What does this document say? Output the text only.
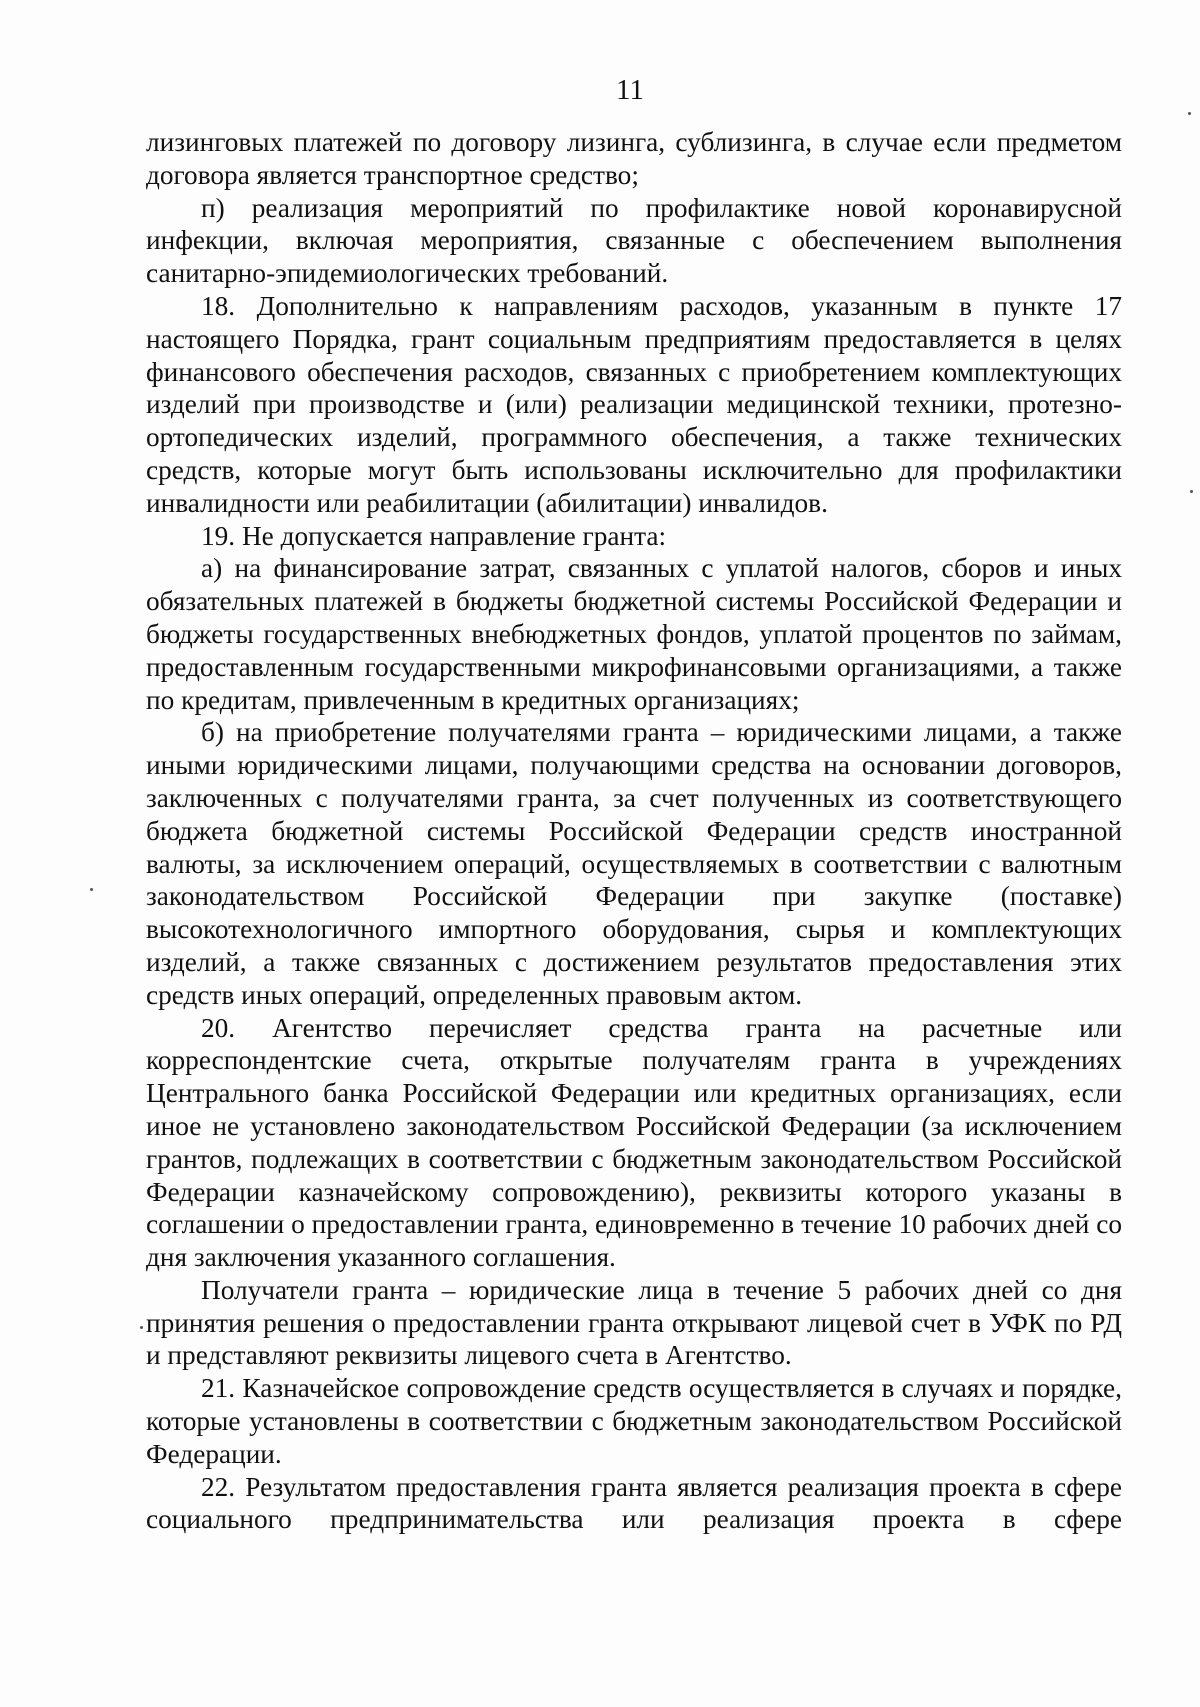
11

лизинговых платежей по договору лизинга, сублизинга, в случае если предметом договора является транспортное средство;

п) реализация мероприятий по профилактике новой коронавирусной инфекции, включая мероприятия, связанные с обеспечением выполнения санитарно-эпидемиологических требований.

18. Дополнительно к направлениям расходов, указанным в пункте 17 настоящего Порядка, грант социальным предприятиям предоставляется в целях финансового обеспечения расходов, связанных с приобретением комплектующих изделий при производстве и (или) реализации медицинской техники, протезно-ортопедических изделий, программного обеспечения, а также технических средств, которые могут быть использованы исключительно для профилактики инвалидности или реабилитации (абилитации) инвалидов.

19. Не допускается направление гранта:

а) на финансирование затрат, связанных с уплатой налогов, сборов и иных обязательных платежей в бюджеты бюджетной системы Российской Федерации и бюджеты государственных внебюджетных фондов, уплатой процентов по займам, предоставленным государственными микрофинансовыми организациями, а также по кредитам, привлеченным в кредитных организациях;

б) на приобретение получателями гранта – юридическими лицами, а также иными юридическими лицами, получающими средства на основании договоров, заключенных с получателями гранта, за счет полученных из соответствующего бюджета бюджетной системы Российской Федерации средств иностранной валюты, за исключением операций, осуществляемых в соответствии с валютным законодательством Российской Федерации при закупке (поставке) высокотехнологичного импортного оборудования, сырья и комплектующих изделий, а также связанных с достижением результатов предоставления этих средств иных операций, определенных правовым актом.

20. Агентство перечисляет средства гранта на расчетные или корреспондентские счета, открытые получателям гранта в учреждениях Центрального банка Российской Федерации или кредитных организациях, если иное не установлено законодательством Российской Федерации (за исключением грантов, подлежащих в соответствии с бюджетным законодательством Российской Федерации казначейскому сопровождению), реквизиты которого указаны в соглашении о предоставлении гранта, единовременно в течение 10 рабочих дней со дня заключения указанного соглашения.

Получатели гранта – юридические лица в течение 5 рабочих дней со дня принятия решения о предоставлении гранта открывают лицевой счет в УФК по РД и представляют реквизиты лицевого счета в Агентство.

21. Казначейское сопровождение средств осуществляется в случаях и порядке, которые установлены в соответствии с бюджетным законодательством Российской Федерации.

22. Результатом предоставления гранта является реализация проекта в сфере социального предпринимательства или реализация проекта в сфере
